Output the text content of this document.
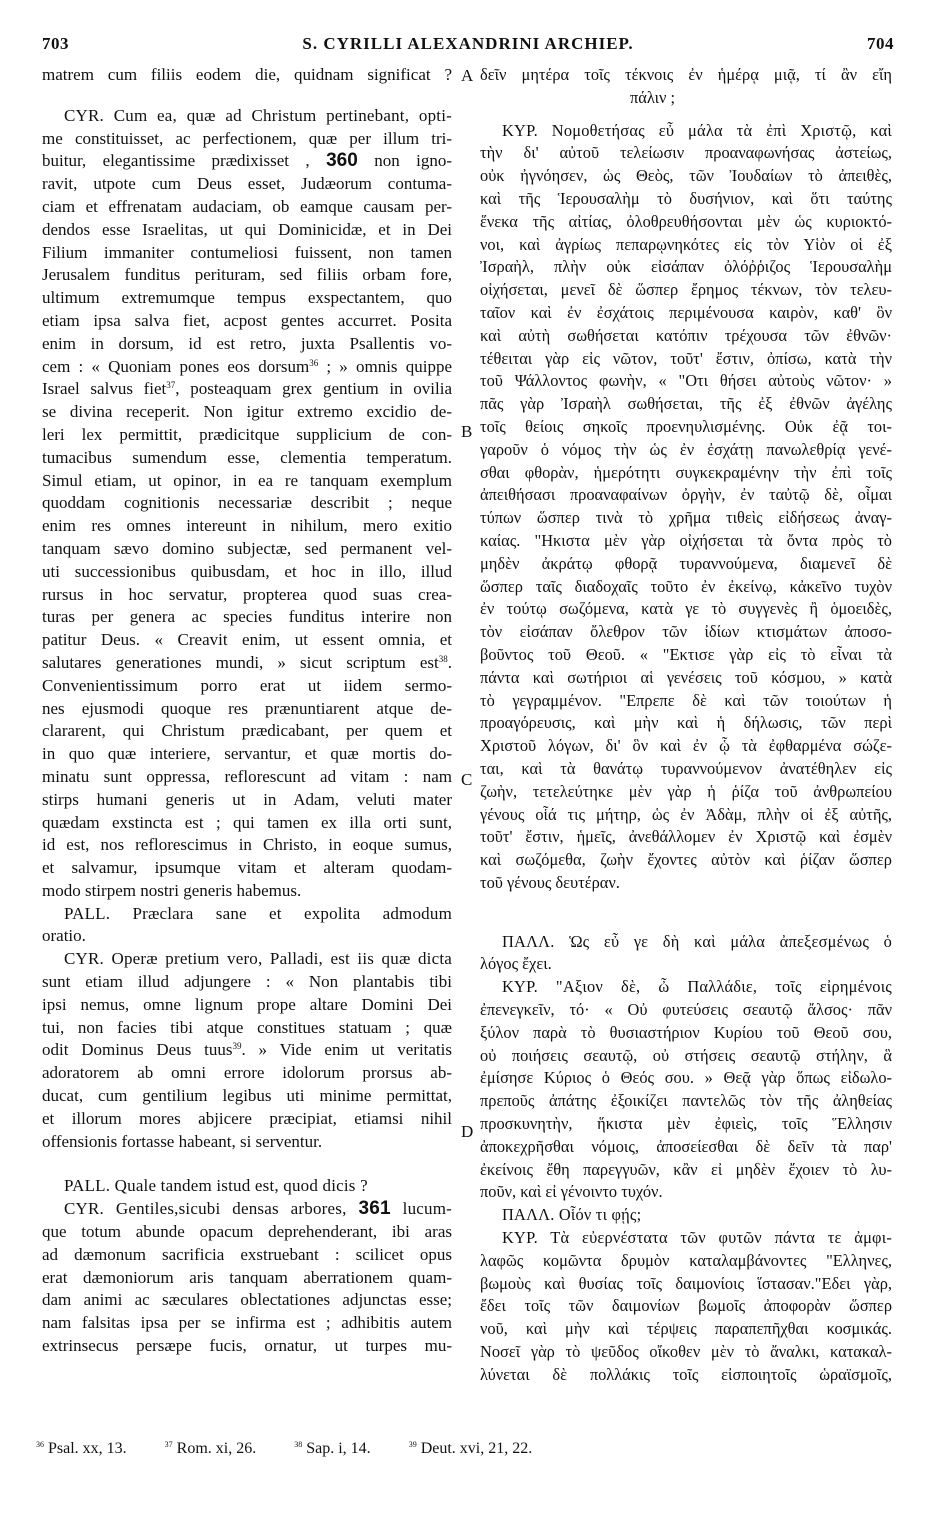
703	S. CYRILLI ALEXANDRINI ARCHIEP.	704
matrem cum filiis eodem die, quidnam significat ?
CYR. Cum ea, quæ ad Christum pertinebant, opti-
me constituisset, ac perfectionem, quæ per illum tri-
buitur, elegantissime prædixisset , 360 non igno-
ravit, utpote cum Deus esset, Judæorum contuma-
ciam et effrenatam audaciam, ob eamque causam per-
dendos esse Israelitas, ut qui Dominicidæ, et in Dei
Filium immaniter contumeliosi fuissent, non tamen
Jerusalem funditus perituram, sed filiis orbam fore,
ultimum extremumque tempus exspectantem, quo
etiam ipsa salva fiet, acpost gentes accurret. Posita
enim in dorsum, id est retro, juxta Psallentis vo-
cem : « Quoniam pones eos dorsum$^{36}$ ; » omnis quippe
Israel salvus fiet$^{37}$, posteaquam grex gentium in ovilia
se divina receperit. Non igitur extremo excidio de-
leri lex permittit, prædicitque supplicium de con-
tumacibus sumendum esse, clementia temperatum.
Simul etiam, ut opinor, in ea re tanquam exemplum
quoddam cognitionis necessariæ describit ; neque
enim res omnes intereunt in nihilum, mero exitio
tanquam sævo domino subjectæ, sed permanent vel-
uti successionibus quibusdam, et hoc in illo, illud
rursus in hoc servatur, propterea quod suas crea-
turas per genera ac species funditus interire non
patitur Deus. « Creavit enim, ut essent omnia, et
salutares generationes mundi, » sicut scriptum est$^{38}$.
Convenientissimum porro erat ut iidem sermo-
nes ejusmodi quoque res prænuntiarent atque de-
clararent, qui Christum prædicabant, per quem et
in quo quæ interiere, servantur, et quæ mortis do-
minatu sunt oppressa, reflorescunt ad vitam : nam
stirps humani generis ut in Adam, veluti mater
quædam exstincta est ; qui tamen ex illa orti sunt,
id est, nos reflorescimus in Christo, in eoque sumus,
et salvamur, ipsumque vitam et alteram quodam-
modo stirpem nostri generis habemus.
PALL. Præclara sane et expolita admodum
oratio.
CYR. Operæ pretium vero, Palladi, est iis quæ dicta
sunt etiam illud adjungere : « Non plantabis tibi
ipsi nemus, omne lignum prope altare Domini Dei
tui, non facies tibi atque constitues statuam ; quæ
odit Dominus Deus tuus$^{39}$. » Vide enim ut veritatis
adoratorem ab omni errore idolorum prorsus ab-
ducat, cum gentilium legibus uti minime permittat,
et illorum mores abjicere præcipiat, etiamsi nihil
offensionis fortasse habeant, si serventur.
PALL. Quale tandem istud est, quod dicis ?
CYR. Gentiles,sicubi densas arbores, 361 lucum-
que totum abunde opacum deprehenderant, ibi aras
ad dæmonum sacrificia exstruebant : scilicet opus
erat dæmoniorum aris tanquam aberrationem quam-
dam animi ac sæculares oblectationes adjunctas esse;
nam falsitas ipsa per se infirma est ; adhibitis autem
extrinsecus persæpe fucis, ornatur, ut turpes mu-
A
B
C
D
δεῖν μητέρα τοῖς τέκνοις ἐν ἡμέρᾳ μιᾷ, τί ἂν εἴη
πάλιν ;
ΚΥΡ. Νομοθετήσας εὖ μάλα τὰ ἐπὶ Χριστῷ, καὶ
τὴν δι' αὐτοῦ τελείωσιν προαναφωνήσας ἀστείως,
οὐκ ἠγνόησεν, ὡς Θεὸς, τῶν Ἰουδαίων τὸ ἀπειθὲς,
καὶ τῆς Ἱερουσαλὴμ τὸ δυσήνιον, καὶ ὅτι ταύτης
ἕνεκα τῆς αἰτίας, ὀλοθρευθήσονται μὲν ὡς κυριοκτό-
νοι, καὶ ἀγρίως πεπαρῳνηκότες εἰς τὸν Υἱὸν οἱ ἐξ
Ἰσραὴλ, πλὴν οὐκ εἰσάπαν ὀλόῤῥιζος Ἱερουσαλὴμ
οἰχήσεται, μενεῖ δὲ ὥσπερ ἔρημος τέκνων, τὸν τελευ-
ταῖον καὶ ἐν ἐσχάτοις περιμένουσα καιρὸν, καθ' ὃν
καὶ αὐτὴ σωθήσεται κατόπιν τρέχουσα τῶν ἐθνῶν·
τέθειται γὰρ εἰς νῶτον, τοῦτ' ἔστιν, ὀπίσω, κατὰ τὴν
τοῦ Ψάλλοντος φωνὴν, « "Οτι θήσει αὐτοὺς νῶτον· »
πᾶς γὰρ Ἰσραὴλ σωθήσεται, τῆς ἐξ ἐθνῶν ἀγέλης
τοῖς θείοις σηκοῖς προενηυλισμένης. Οὐκ ἐᾷ τοι-
γαροῦν ὁ νόμος τὴν ὡς ἐν ἐσχάτῃ πανωλεθρίᾳ γενέ-
σθαι φθορὰν, ἡμερότητι συγκεκραμένην τὴν ἐπὶ τοῖς
ἀπειθήσασι προαναφαίνων ὀργὴν, ἐν ταὐτῷ δὲ, οἶμαι
τύπων ὥσπερ τινὰ τὸ χρῆμα τιθεὶς εἰδήσεως ἀναγ-
καίας. "Ηκιστα μὲν γὰρ οἰχήσεται τὰ ὄντα πρὸς τὸ
μηδὲν ἀκράτῳ φθορᾷ τυραννούμενα, διαμενεῖ δὲ
ὥσπερ ταῖς διαδοχαῖς τοῦτο ἐν ἐκείνῳ, κἀκεῖνο τυχὸν
ἐν τούτῳ σωζόμενα, κατὰ γε τὸ συγγενὲς ἢ ὁμοειδὲς,
τὸν εἰσάπαν ὄλεθρον τῶν ἰδίων κτισμάτων ἀποσο-
βοῦντος τοῦ Θεοῦ. « "Εκτισε γὰρ εἰς τὸ εἶναι τὰ
πάντα καὶ σωτήριοι αἱ γενέσεις τοῦ κόσμου, » κατὰ
τὸ γεγραμμένον. "Επρεπε δὲ καὶ τῶν τοιούτων ἡ
προαγόρευσις, καὶ μὴν καὶ ἡ δήλωσις, τῶν περὶ
Χριστοῦ λόγων, δι' ὃν καὶ ἐν ᾧ τὰ ἐφθαρμένα σώζε-
ται, καὶ τὰ θανάτῳ τυραννούμενον ἀνατέθηλεν εἰς
ζωὴν, τετελεύτηκε μὲν γὰρ ἡ ῥίζα τοῦ ἀνθρωπείου
γένους οἷά τις μήτηρ, ὡς ἐν Ἀδὰμ, πλὴν οἱ ἐξ αὐτῆς,
τοῦτ' ἔστιν, ἡμεῖς, ἀνεθάλλομεν ἐν Χριστῷ καὶ ἐσμὲν
καὶ σωζόμεθα, ζωὴν ἔχοντες αὐτὸν καὶ ῥίζαν ὥσπερ
τοῦ γένους δευτέραν.
ΠΑΛΛ. Ὡς εὖ γε δὴ καὶ μάλα ἀπεξεσμένως ὁ
λόγος ἔχει.
ΚΥΡ. "Αξιον δὲ, ὦ Παλλάδιε, τοῖς εἰρημένοις
ἐπενεγκεῖν, τό· « Οὐ φυτεύσεις σεαυτῷ ἄλσος· πᾶν
ξύλον παρὰ τὸ θυσιαστήριον Κυρίου τοῦ Θεοῦ σου,
οὐ ποιήσεις σεαυτῷ, οὐ στήσεις σεαυτῷ στήλην, ἃ
ἐμίσησε Κύριος ὁ Θεός σου. » Θεᾷ γὰρ ὅπως εἰδωλο-
πρεποῦς ἀπάτης ἐξοικίζει παντελῶς τὸν τῆς ἀληθείας
προσκυνητὴν, ἥκιστα μὲν ἐφιεὶς, τοῖς Ἕλλησιν
ἀποκεχρῆσθαι νόμοις, ἀποσείεσθαι δὲ δεῖν τὰ παρ'
ἐκείνοις ἔθη παρεγγυῶν, κἂν εἰ μηδὲν ἔχοιεν τὸ λυ-
ποῦν, καὶ εἰ γένοιντο τυχόν.
ΠΑΛΛ. Οἷόν τι φῄς;
ΚΥΡ. Τὰ εὐερνέστατα τῶν φυτῶν πάντα τε ἀμφι-
λαφῶς κομῶντα δρυμὸν καταλαμβάνοντες "Ελληνες,
βωμοὺς καὶ θυσίας τοῖς δαιμονίοις ἵστασαν."Εδει γὰρ,
ἔδει τοῖς τῶν δαιμονίων βωμοῖς ἀποφορὰν ὥσπερ
νοῦ, καὶ μὴν καὶ τέρψεις παραπεπῆχθαι κοσμικάς.
Νοσεῖ γὰρ τὸ ψεῦδος οἴκοθεν μὲν τὸ ἄναλκι, κατακαλ-
λύνεται δὲ πολλάκις τοῖς εἰσποιητοῖς ὡραϊσμοῖς,
$^{36}$ Psal. xx, 13.	$^{37}$ Rom. xi, 26.	$^{38}$ Sap. i, 14.	$^{39}$ Deut. xvi, 21, 22.
